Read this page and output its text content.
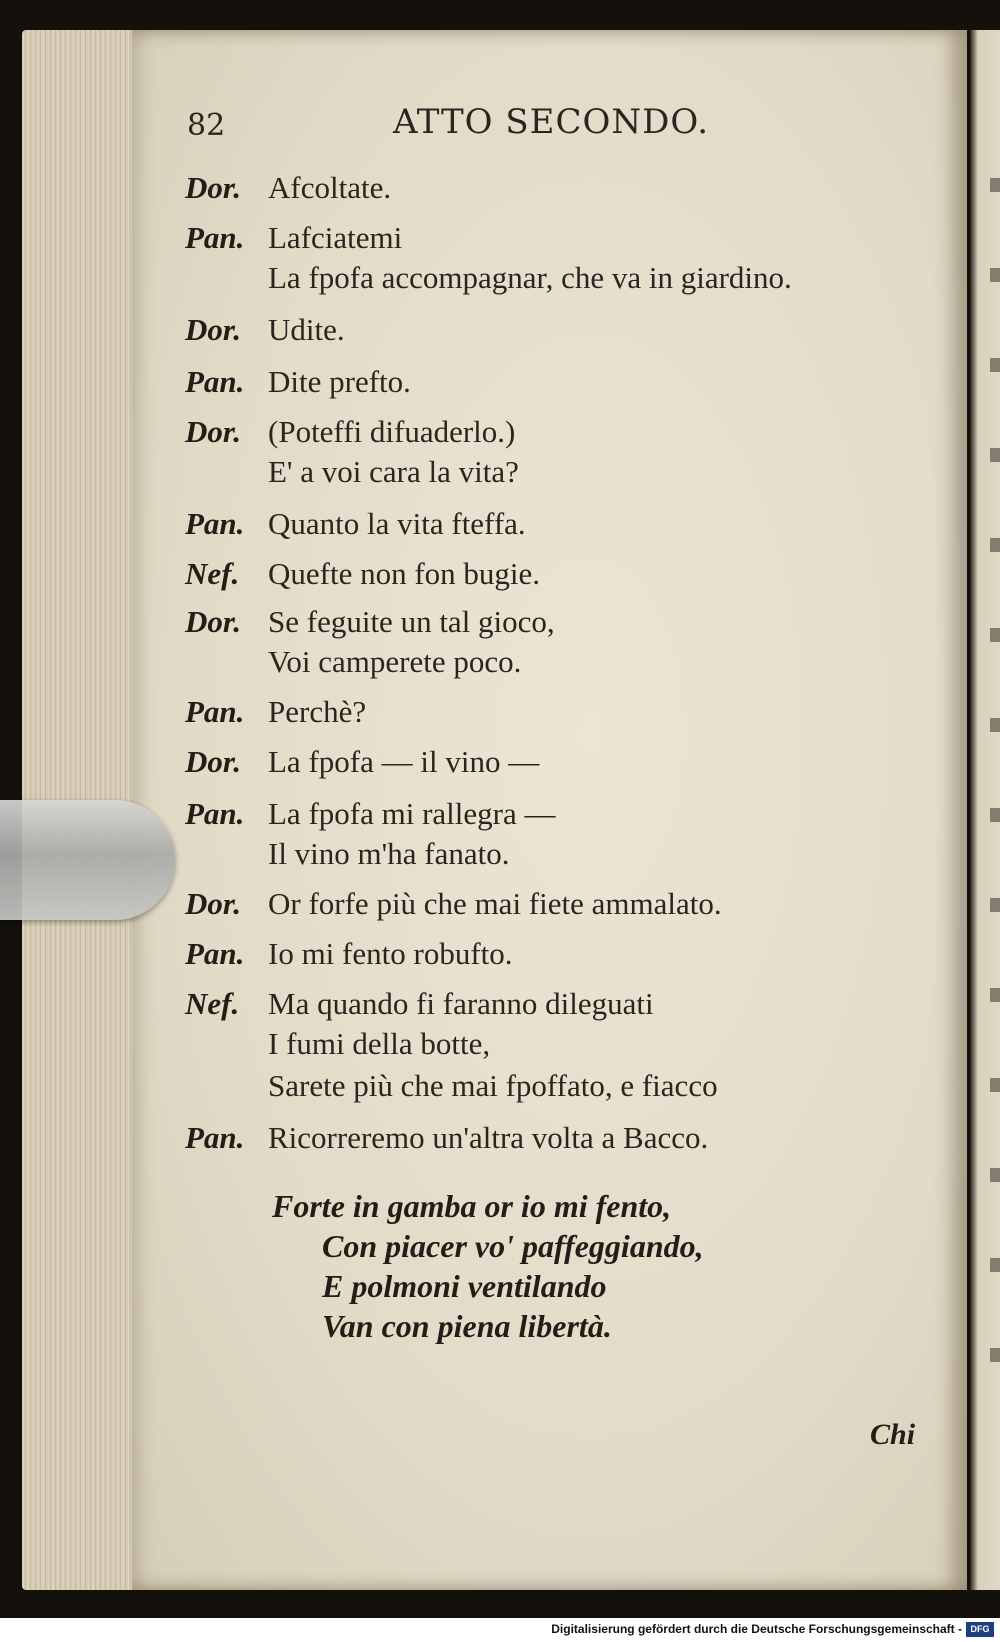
82	ATTO SECONDO.
Dor. Afcoltate.
Pan. Lafciatemi
La fpofa accompagnar, che va in giardino.
Dor. Udite.
Pan. Dite prefto.
Dor. (Poteffi difuaderlo.)
E' a voi cara la vita?
Pan. Quanto la vita fteffa.
Nef. Quefte non fon bugie.
Dor. Se feguite un tal gioco,
Voi camperete poco.
Pan. Perchè?
Dor. La fpofa — il vino —
Pan. La fpofa mi rallegra —
Il vino m'ha fanato.
Dor. Or forfe più che mai fiete ammalato.
Pan. Io mi fento robufto.
Nef. Ma quando fi faranno dileguati
I fumi della botte,
Sarete più che mai fpoffato, e fiacco
Pan. Ricorreremo un'altra volta a Bacco.
Forte in gamba or io mi fento,
Con piacer vo' paffeggiando,
E polmoni ventilando
Van con piena libertà.
Chi
Digitalisierung gefördert durch die Deutsche Forschungsgemeinschaft - DFG
